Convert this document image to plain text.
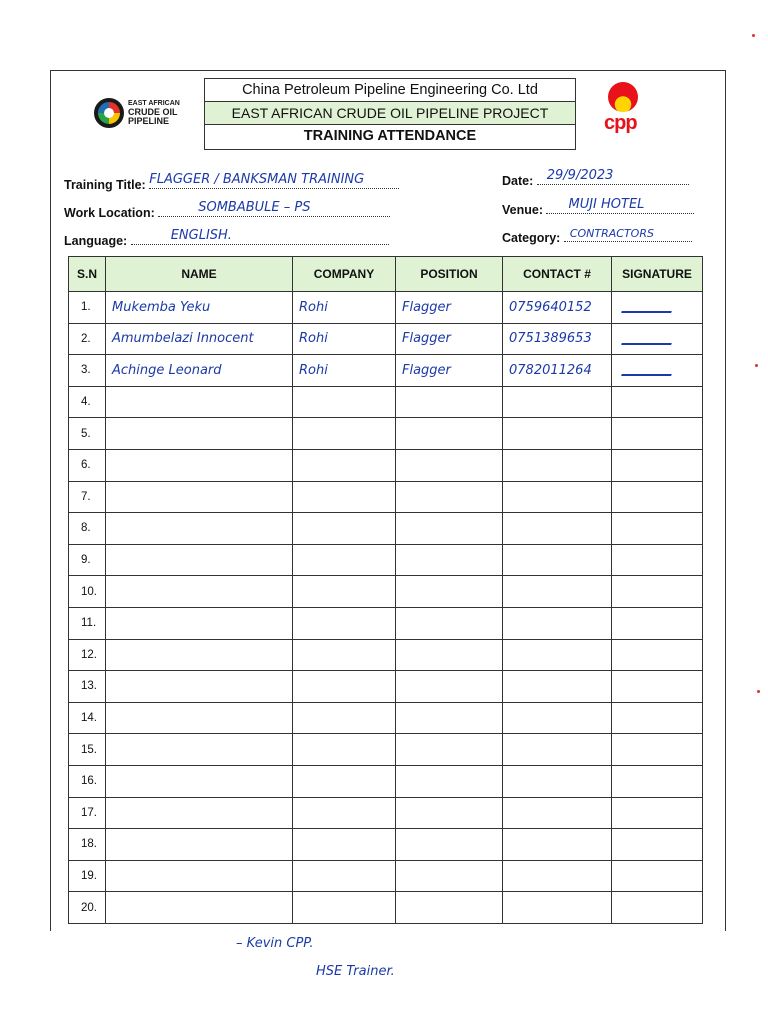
EAST AFRICAN
CRUDE OIL
PIPELINE
China Petroleum Pipeline Engineering Co. Ltd
EAST AFRICAN CRUDE OIL PIPELINE PROJECT
TRAINING ATTENDANCE
cpp
Training Title: FLAGGER / BANKSMAN TRAINING
Work Location:	SOMBABULE – PS
Language:	ENGLISH.
Date: 29/9/2023
Venue: MUJI HOTEL
Category: CONTRACTORS
S.N	NAME	COMPANY	POSITION	CONTACT #	SIGNATURE
1.	Mukemba Yeku	Rohi	Flagger	0759640152	
2.	Amumbelazi Innocent	Rohi	Flagger	0751389653	
3.	Achinge Leonard	Rohi	Flagger	0782011264	
4.					
5.					
6.					
7.					
8.					
9.					
10.					
11.					
12.					
13.					
14.					
15.					
16.					
17.					
18.					
19.					
20.					
– Kevin CPP.
HSE Trainer.
